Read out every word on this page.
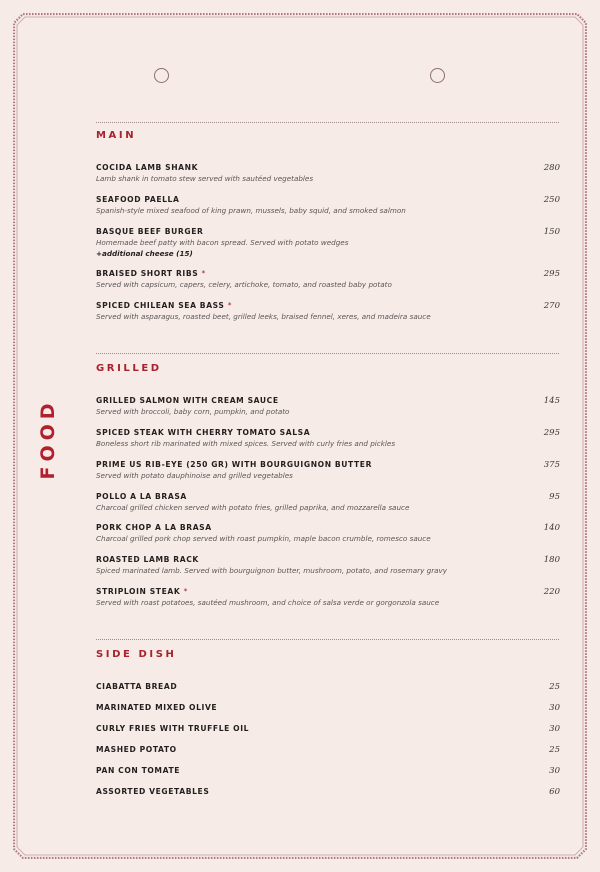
FOOD
MAIN
COCIDA LAMB SHANK
Lamb shank in tomato stew served with sautéed vegetables
280
SEAFOOD PAELLA
Spanish-style mixed seafood of king prawn, mussels, baby squid, and smoked salmon
250
BASQUE BEEF BURGER
Homemade beef patty with bacon spread. Served with potato wedges
+additional cheese (15)
150
BRAISED SHORT RIBS *
Served with capsicum, capers, celery, artichoke, tomato, and roasted baby potato
295
SPICED CHILEAN SEA BASS *
Served with asparagus, roasted beet, grilled leeks, braised fennel, xeres, and madeira sauce
270
GRILLED
GRILLED SALMON WITH CREAM SAUCE
Served with broccoli, baby corn, pumpkin, and potato
145
SPICED STEAK WITH CHERRY TOMATO SALSA
Boneless short rib marinated with mixed spices. Served with curly fries and pickles
295
PRIME US RIB-EYE (250 GR) WITH BOURGUIGNON BUTTER
Served with potato dauphinoise and grilled vegetables
375
POLLO A LA BRASA
Charcoal grilled chicken served with potato fries, grilled paprika, and mozzarella sauce
95
PORK CHOP A LA BRASA
Charcoal grilled pork chop served with roast pumpkin, maple bacon crumble, romesco sauce
140
ROASTED LAMB RACK
Spiced marinated lamb. Served with bourguignon butter, mushroom, potato, and rosemary gravy
180
STRIPLOIN STEAK *
Served with roast potatoes, sautéed mushroom, and choice of salsa verde or gorgonzola sauce
220
SIDE DISH
CIABATTA BREAD	25
MARINATED MIXED OLIVE	30
CURLY FRIES WITH TRUFFLE OIL	30
MASHED POTATO	25
PAN CON TOMATE	30
ASSORTED VEGETABLES	60
